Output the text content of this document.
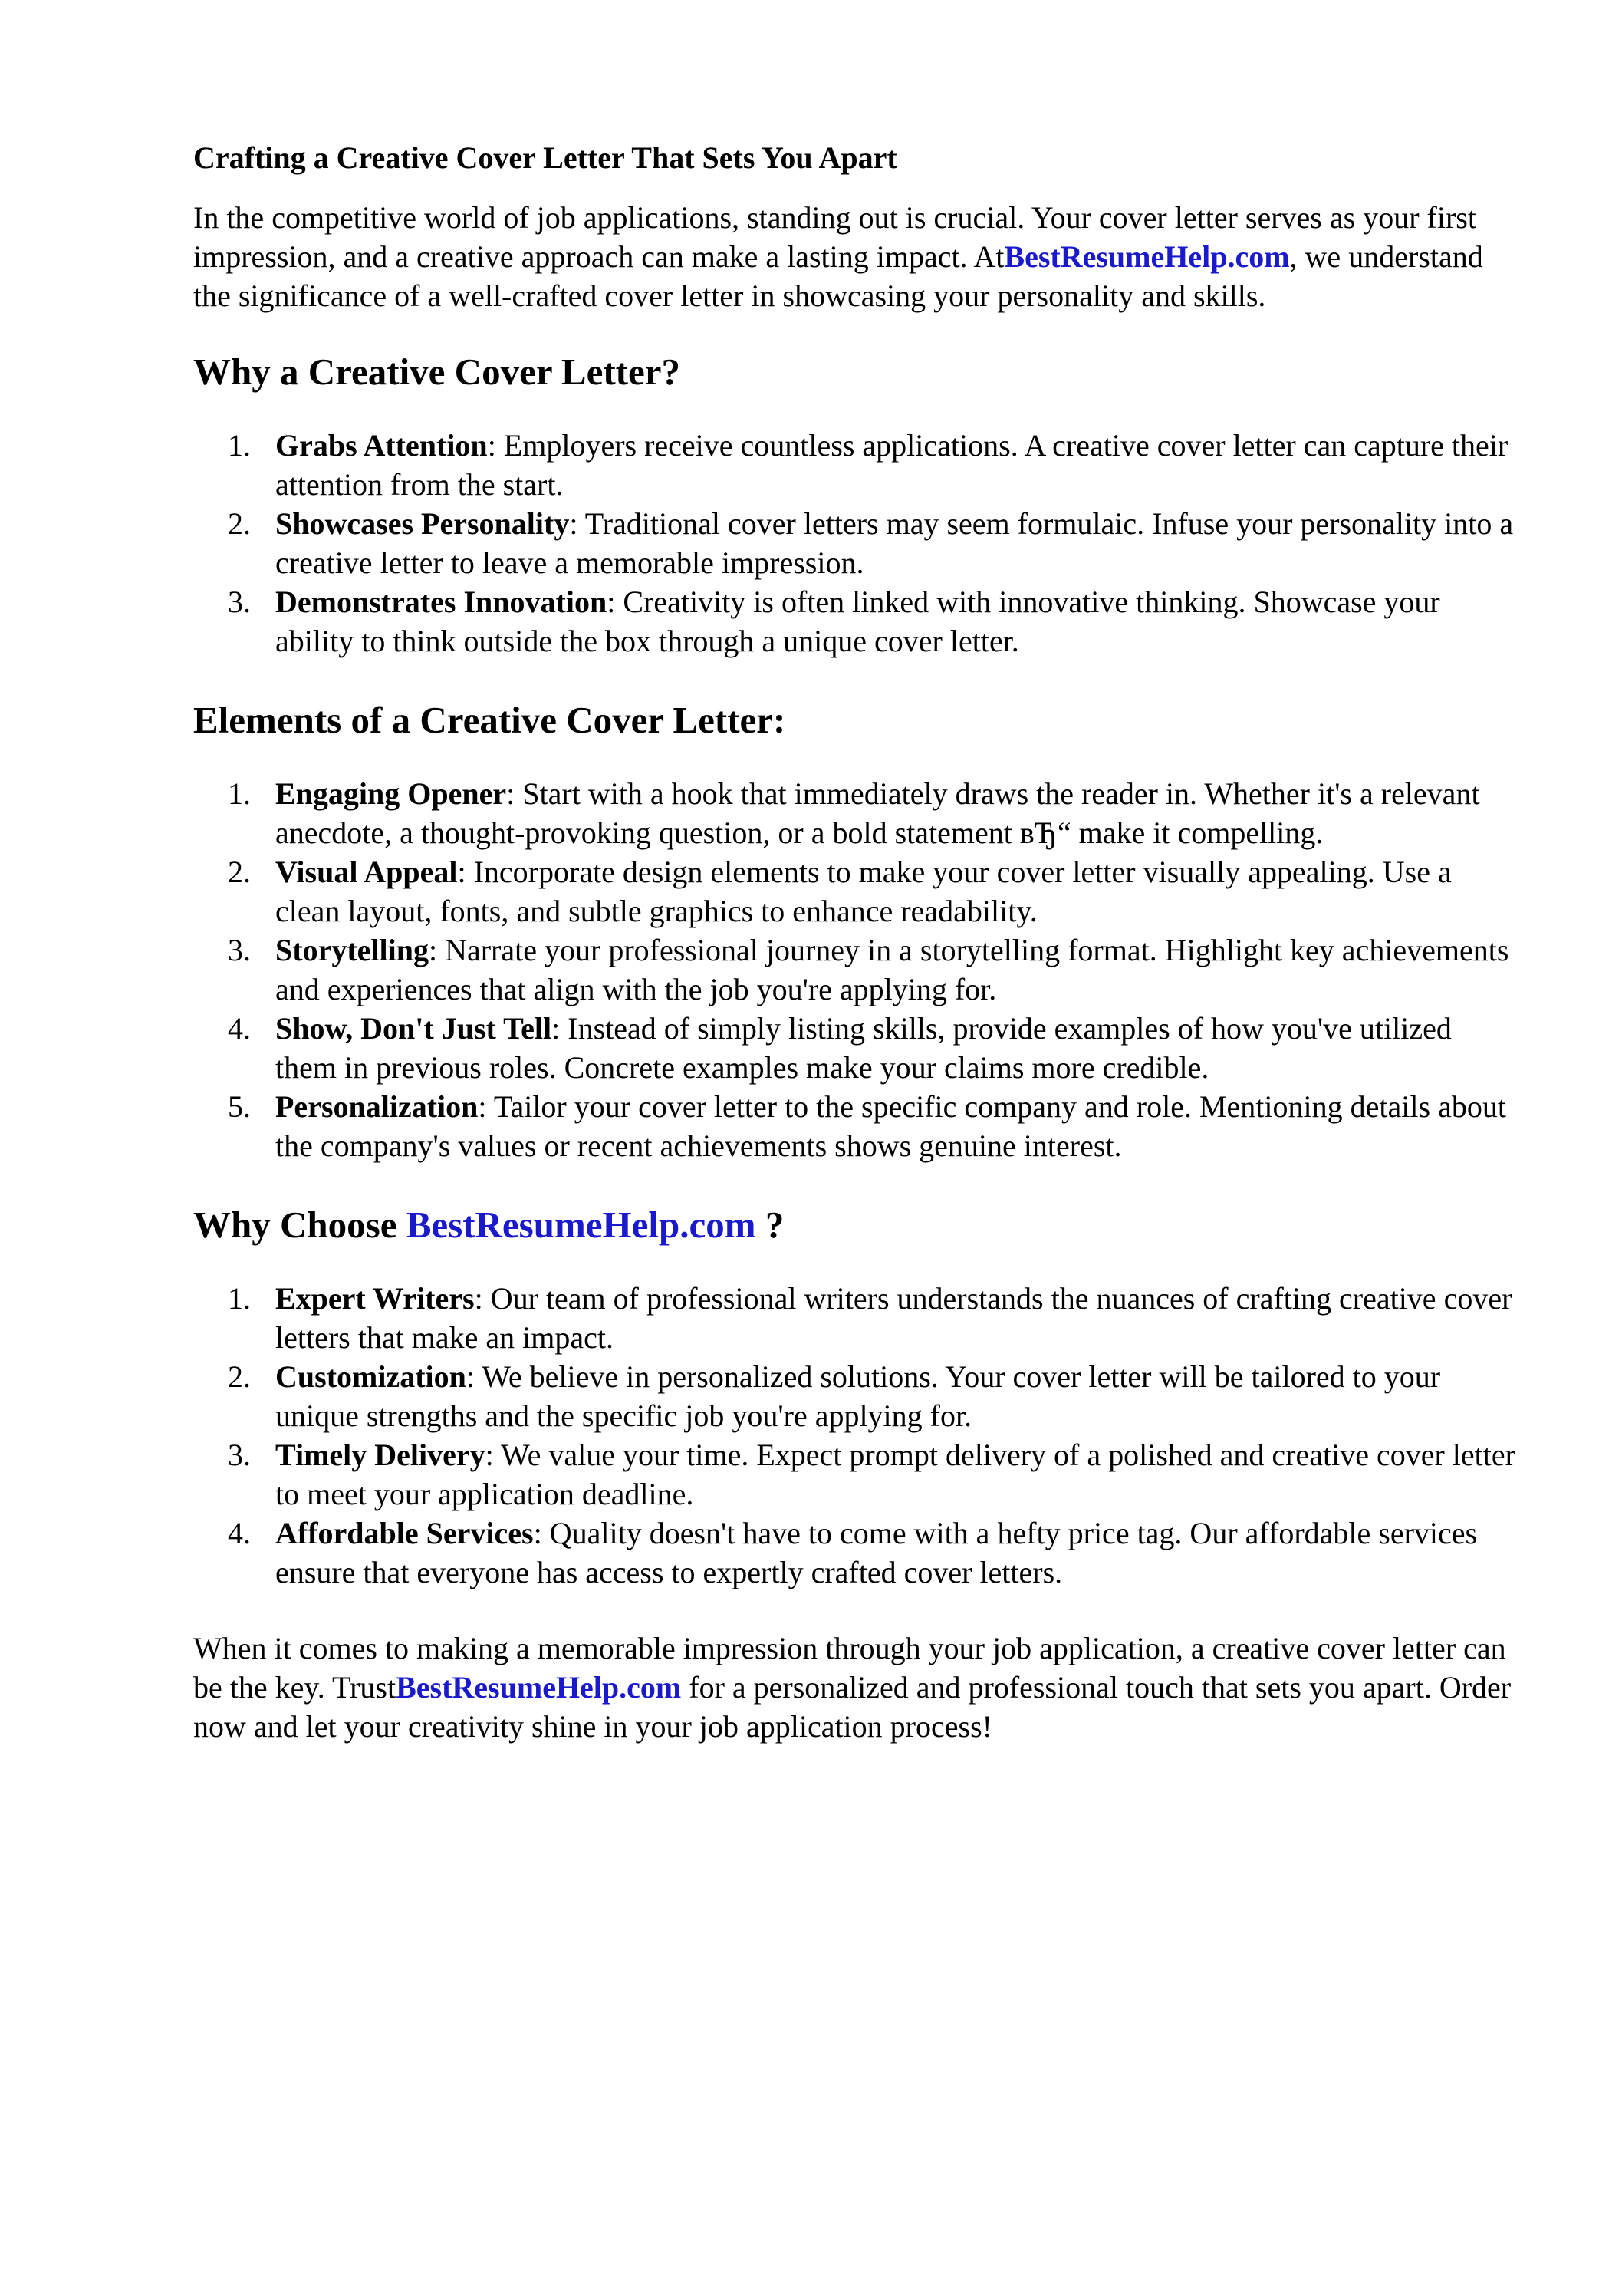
Crafting a Creative Cover Letter That Sets You Apart

In the competitive world of job applications, standing out is crucial. Your cover letter serves as your first impression, and a creative approach can make a lasting impact. AtBestResumeHelp.com, we understand the significance of a well-crafted cover letter in showcasing your personality and skills.

Why a Creative Cover Letter?
1. Grabs Attention: Employers receive countless applications. A creative cover letter can capture their attention from the start.
2. Showcases Personality: Traditional cover letters may seem formulaic. Infuse your personality into a creative letter to leave a memorable impression.
3. Demonstrates Innovation: Creativity is often linked with innovative thinking. Showcase your ability to think outside the box through a unique cover letter.
Elements of a Creative Cover Letter:
1. Engaging Opener: Start with a hook that immediately draws the reader in. Whether it's a relevant anecdote, a thought-provoking question, or a bold statement вЂ“ make it compelling.
2. Visual Appeal: Incorporate design elements to make your cover letter visually appealing. Use a clean layout, fonts, and subtle graphics to enhance readability.
3. Storytelling: Narrate your professional journey in a storytelling format. Highlight key achievements and experiences that align with the job you're applying for.
4. Show, Don't Just Tell: Instead of simply listing skills, provide examples of how you've utilized them in previous roles. Concrete examples make your claims more credible.
5. Personalization: Tailor your cover letter to the specific company and role. Mentioning details about the company's values or recent achievements shows genuine interest.
Why Choose BestResumeHelp.com ?
1. Expert Writers: Our team of professional writers understands the nuances of crafting creative cover letters that make an impact.
2. Customization: We believe in personalized solutions. Your cover letter will be tailored to your unique strengths and the specific job you're applying for.
3. Timely Delivery: We value your time. Expect prompt delivery of a polished and creative cover letter to meet your application deadline.
4. Affordable Services: Quality doesn't have to come with a hefty price tag. Our affordable services ensure that everyone has access to expertly crafted cover letters.

When it comes to making a memorable impression through your job application, a creative cover letter can be the key. TrustBestResumeHelp.com for a personalized and professional touch that sets you apart. Order now and let your creativity shine in your job application process!
